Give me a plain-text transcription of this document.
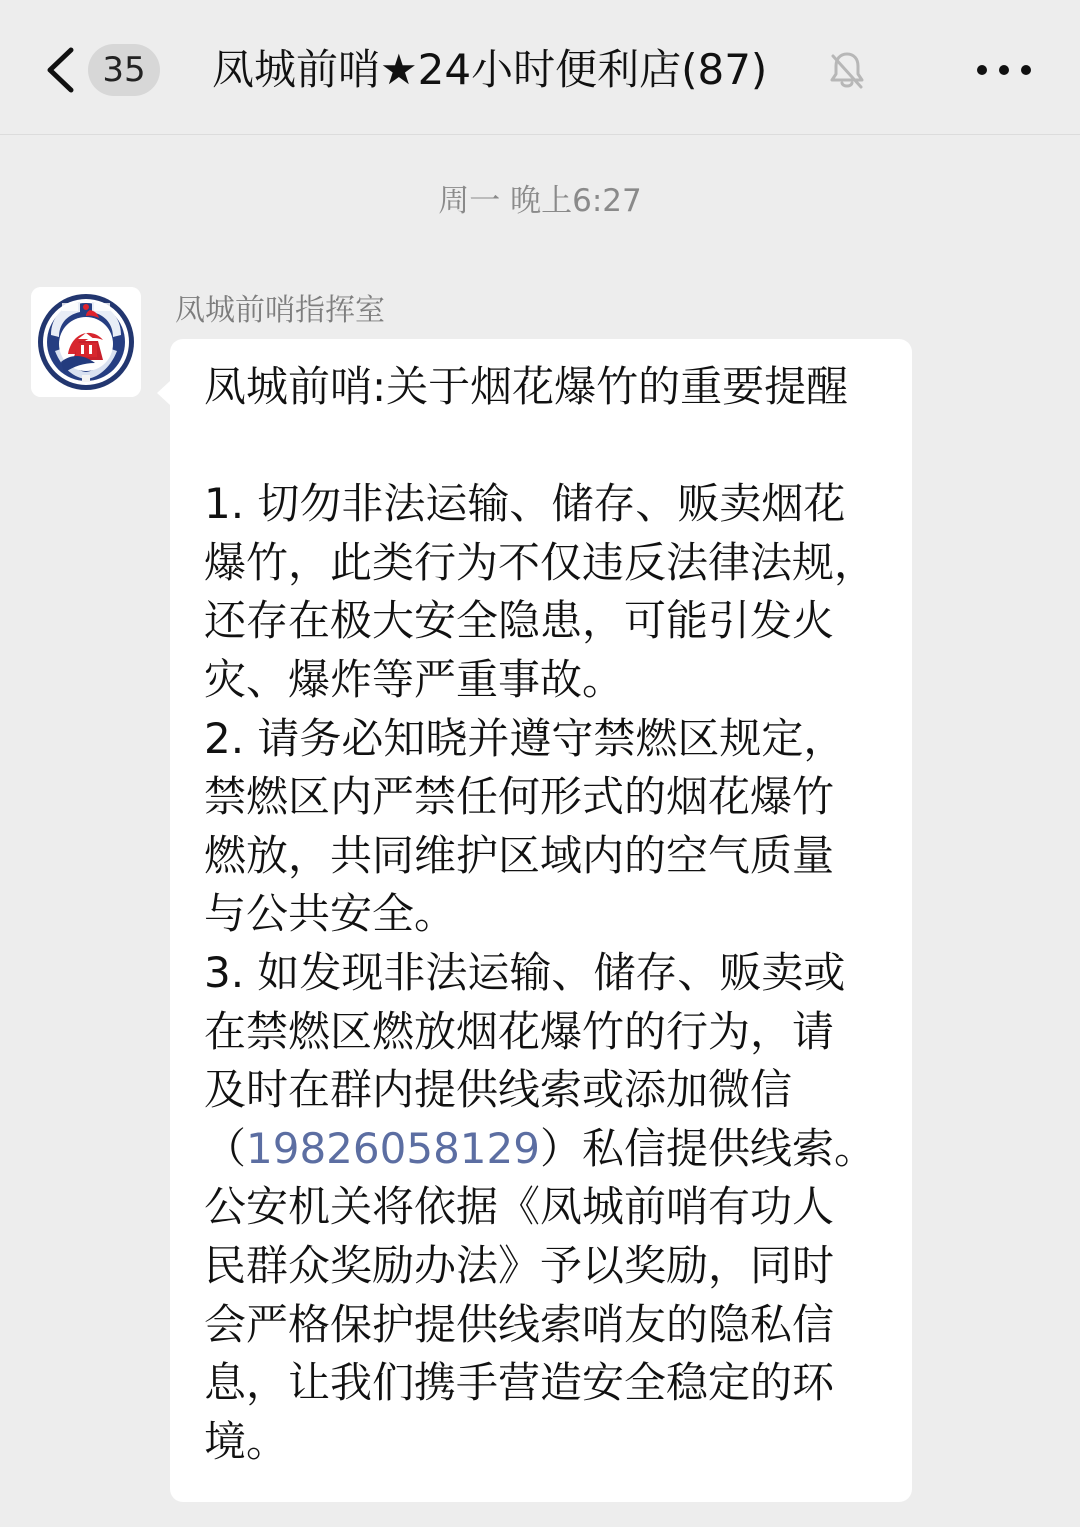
35	凤城前哨★24小时便利店(87)
周一 晚上6:27
凤城前哨指挥室
凤城前哨:关于烟花爆竹的重要提醒

1. 切勿非法运输、储存、贩卖烟花
爆竹，此类行为不仅违反法律法规，
还存在极大安全隐患，可能引发火
灾、爆炸等严重事故。
2. 请务必知晓并遵守禁燃区规定，
禁燃区内严禁任何形式的烟花爆竹
燃放，共同维护区域内的空气质量
与公共安全。
3. 如发现非法运输、储存、贩卖或
在禁燃区燃放烟花爆竹的行为，请
及时在群内提供线索或添加微信
（19826058129）私信提供线索。
公安机关将依据《凤城前哨有功人
民群众奖励办法》予以奖励，同时
会严格保护提供线索哨友的隐私信
息，让我们携手营造安全稳定的环
境。
